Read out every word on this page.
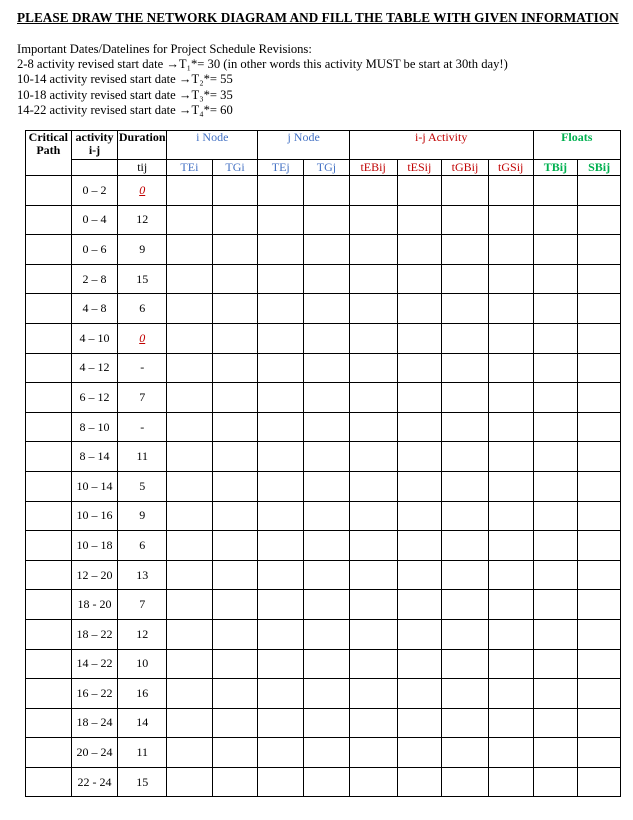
PLEASE DRAW THE NETWORK DIAGRAM AND FILL THE TABLE WITH GIVEN INFORMATION
Important Dates/Datelines for Project Schedule Revisions:
2-8 activity revised start date →T₁*= 30 (in other words this activity MUST be start at 30th day!)
10-14 activity revised start date →T₂*= 55
10-18 activity revised start date →T₃*= 35
14-22 activity revised start date →T₄*= 60
Critical Path	activity i-j	Duration	i Node		j Node		i-j Activity				Floats	
		tij	TEi	TGi	TEj	TGj	tEBij	tESij	tGBij	tGSij	TBij	SBij
	0 – 2	0										
	0 – 4	12										
	0 – 6	9										
	2 – 8	15										
	4 – 8	6										
	4 – 10	0										
	4 – 12	-										
	6 – 12	7										
	8 – 10	-										
	8 – 14	11										
	10 – 14	5										
	10 – 16	9										
	10 – 18	6										
	12 – 20	13										
	18 - 20	7										
	18 – 22	12										
	14 – 22	10										
	16 – 22	16										
	18 – 24	14										
	20 – 24	11										
	22 - 24	15										
